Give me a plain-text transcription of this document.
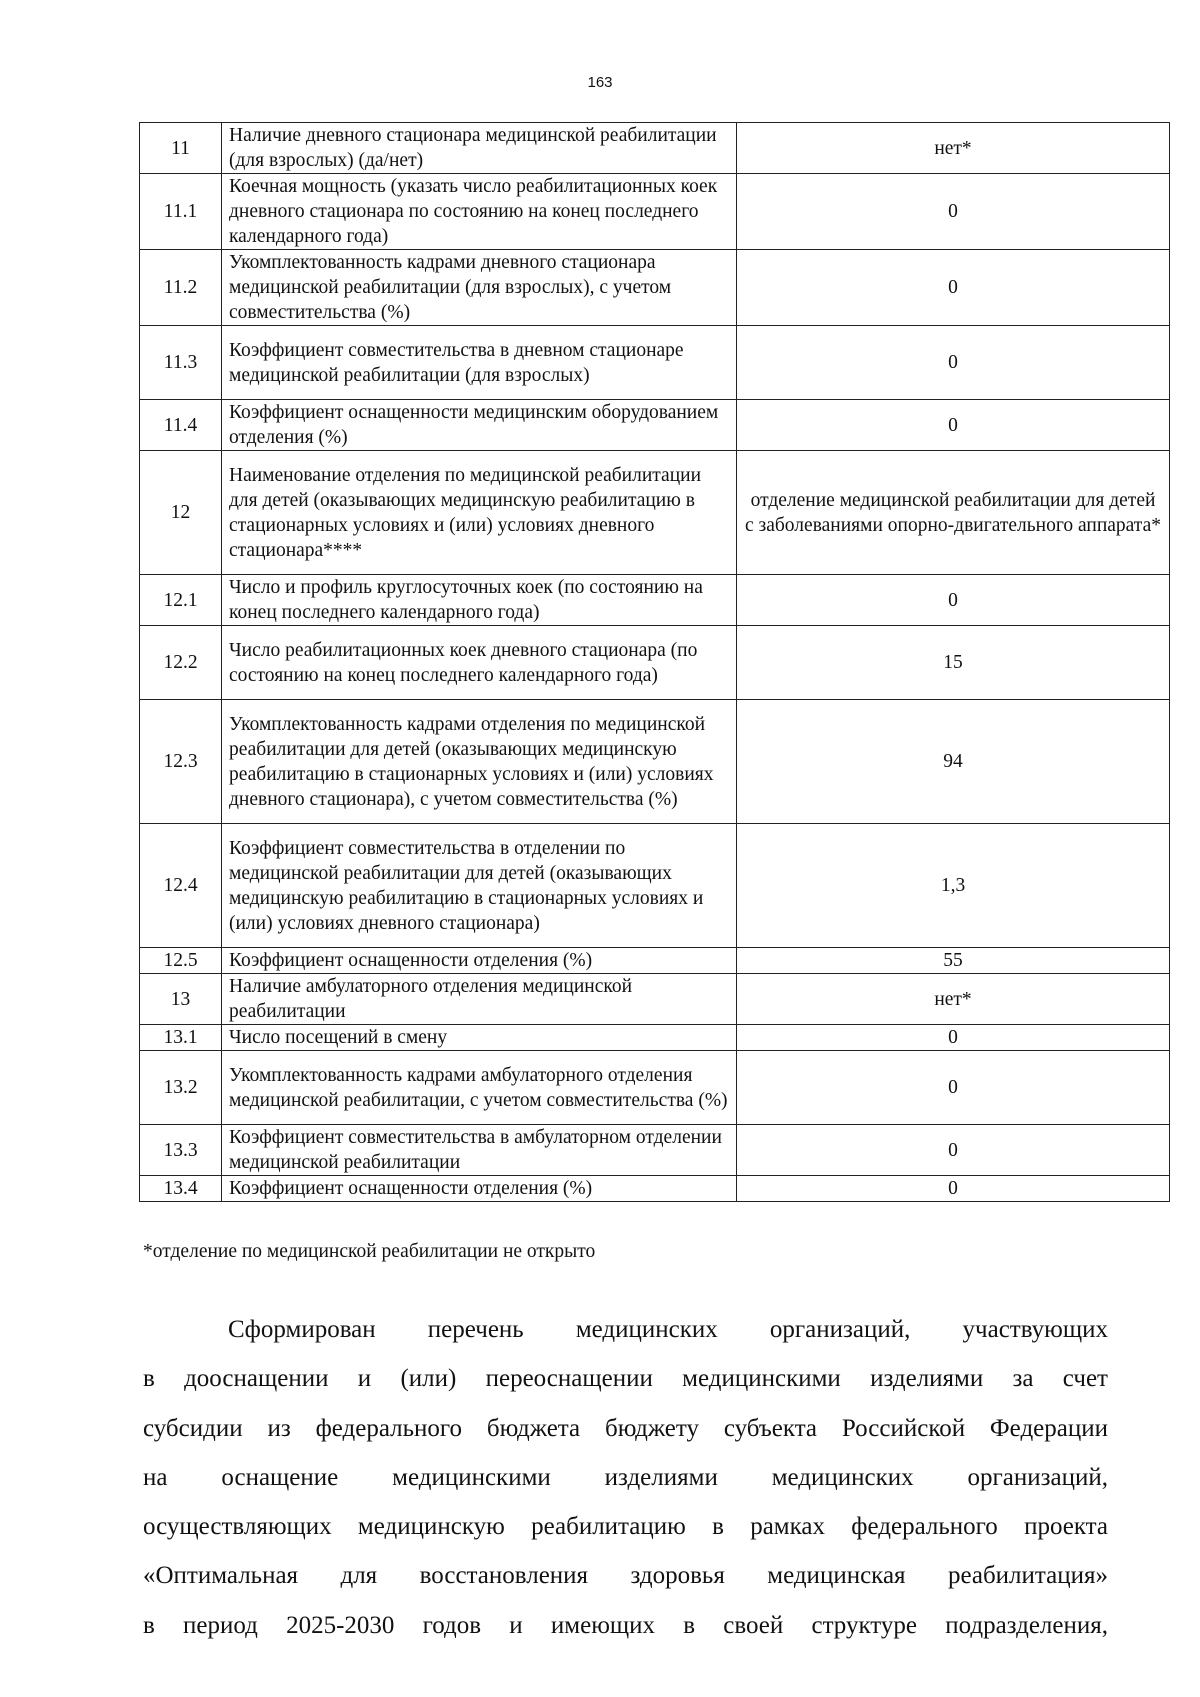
163
11	Наличие дневного стационара медицинской реабилитации (для взрослых) (да/нет)	нет*
11.1	Коечная мощность (указать число реабилитационных коек дневного стационара по состоянию на конец последнего календарного года)	0
11.2	Укомплектованность кадрами дневного стационара медицинской реабилитации (для взрослых), с учетом совместительства (%)	0
11.3	Коэффициент совместительства в дневном стационаре медицинской реабилитации (для взрослых)	0
11.4	Коэффициент оснащенности медицинским оборудованием отделения (%)	0
12	Наименование отделения по медицинской реабилитации для детей (оказывающих медицинскую реабилитацию в стационарных условиях и (или) условиях дневного стационара****	отделение медицинской реабилитации для детей с заболеваниями опорно-двигательного аппарата*
12.1	Число и профиль круглосуточных коек (по состоянию на конец последнего календарного года)	0
12.2	Число реабилитационных коек дневного стационара (по состоянию на конец последнего календарного года)	15
12.3	Укомплектованность кадрами отделения по медицинской реабилитации для детей (оказывающих медицинскую реабилитацию в стационарных условиях и (или) условиях дневного стационара), с учетом совместительства (%)	94
12.4	Коэффициент совместительства в отделении по медицинской реабилитации для детей (оказывающих медицинскую реабилитацию в стационарных условиях и (или) условиях дневного стационара)	1,3
12.5	Коэффициент оснащенности отделения (%)	55
13	Наличие амбулаторного отделения медицинской реабилитации	нет*
13.1	Число посещений в смену	0
13.2	Укомплектованность кадрами амбулаторного отделения медицинской реабилитации, с учетом совместительства (%)	0
13.3	Коэффициент совместительства в амбулаторном отделении медицинской реабилитации	0
13.4	Коэффициент оснащенности отделения (%)	0
*отделение по медицинской реабилитации не открыто
Сформирован перечень медицинских организаций, участвующих
в дооснащении и (или) переоснащении медицинскими изделиями за счет
субсидии из федерального бюджета бюджету субъекта Российской Федерации
на оснащение медицинскими изделиями медицинских организаций,
осуществляющих медицинскую реабилитацию в рамках федерального проекта
«Оптимальная для восстановления здоровья медицинская реабилитация»
в период 2025-2030 годов и имеющих в своей структуре подразделения,
